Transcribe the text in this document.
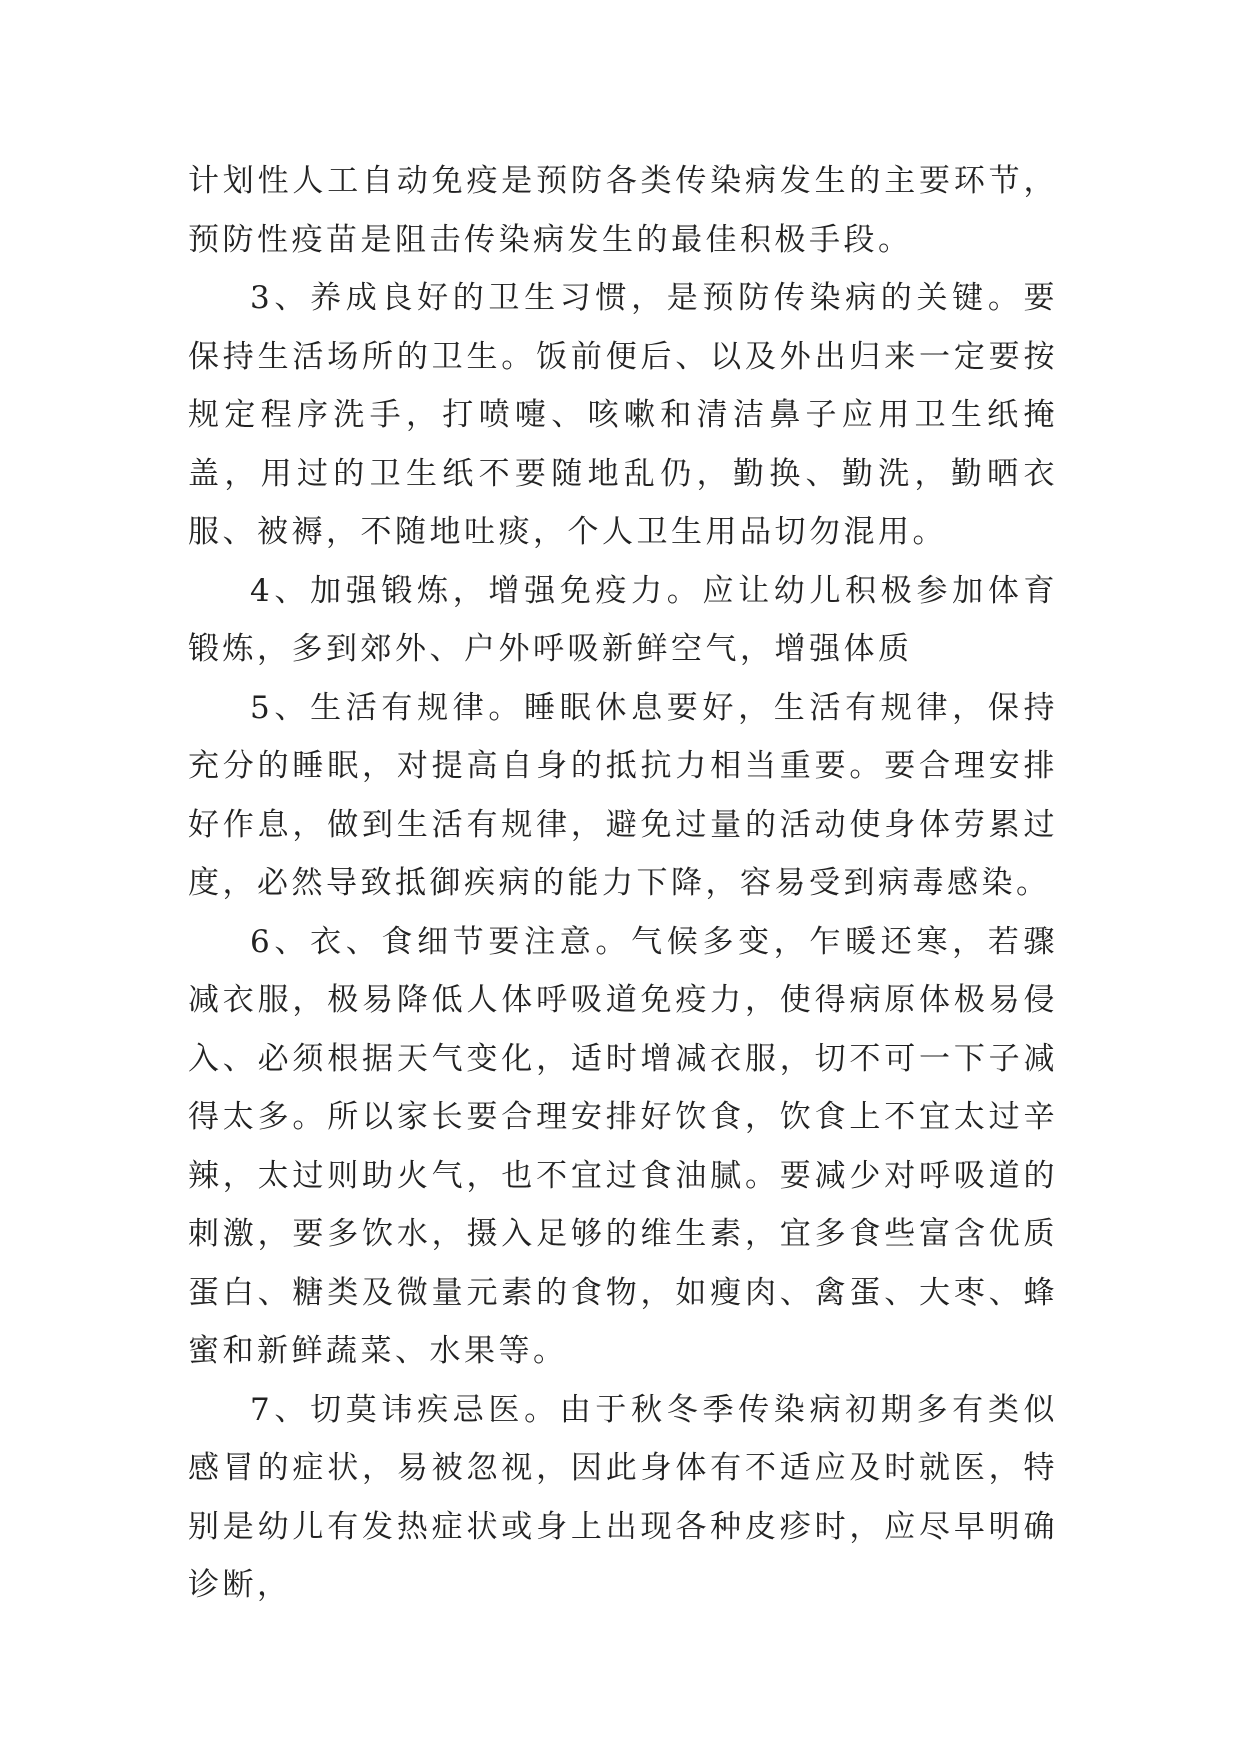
计划性人工自动免疫是预防各类传染病发生的主要环节，预防性疫苗是阻击传染病发生的最佳积极手段。

3、养成良好的卫生习惯，是预防传染病的关键。要保持生活场所的卫生。饭前便后、以及外出归来一定要按规定程序洗手，打喷嚏、咳嗽和清洁鼻子应用卫生纸掩盖，用过的卫生纸不要随地乱仍，勤换、勤洗，勤晒衣服、被褥，不随地吐痰，个人卫生用品切勿混用。

4、加强锻炼，增强免疫力。应让幼儿积极参加体育锻炼，多到郊外、户外呼吸新鲜空气，增强体质

5、生活有规律。睡眠休息要好，生活有规律，保持充分的睡眠，对提高自身的抵抗力相当重要。要合理安排好作息，做到生活有规律，避免过量的活动使身体劳累过度，必然导致抵御疾病的能力下降，容易受到病毒感染。

6、衣、食细节要注意。气候多变，乍暖还寒，若骤减衣服，极易降低人体呼吸道免疫力，使得病原体极易侵入、必须根据天气变化，适时增减衣服，切不可一下子减得太多。所以家长要合理安排好饮食，饮食上不宜太过辛辣，太过则助火气，也不宜过食油腻。要减少对呼吸道的刺激，要多饮水，摄入足够的维生素，宜多食些富含优质蛋白、糖类及微量元素的食物，如瘦肉、禽蛋、大枣、蜂蜜和新鲜蔬菜、水果等。

7、切莫讳疾忌医。由于秋冬季传染病初期多有类似感冒的症状，易被忽视，因此身体有不适应及时就医，特别是幼儿有发热症状或身上出现各种皮疹时，应尽早明确诊断，
